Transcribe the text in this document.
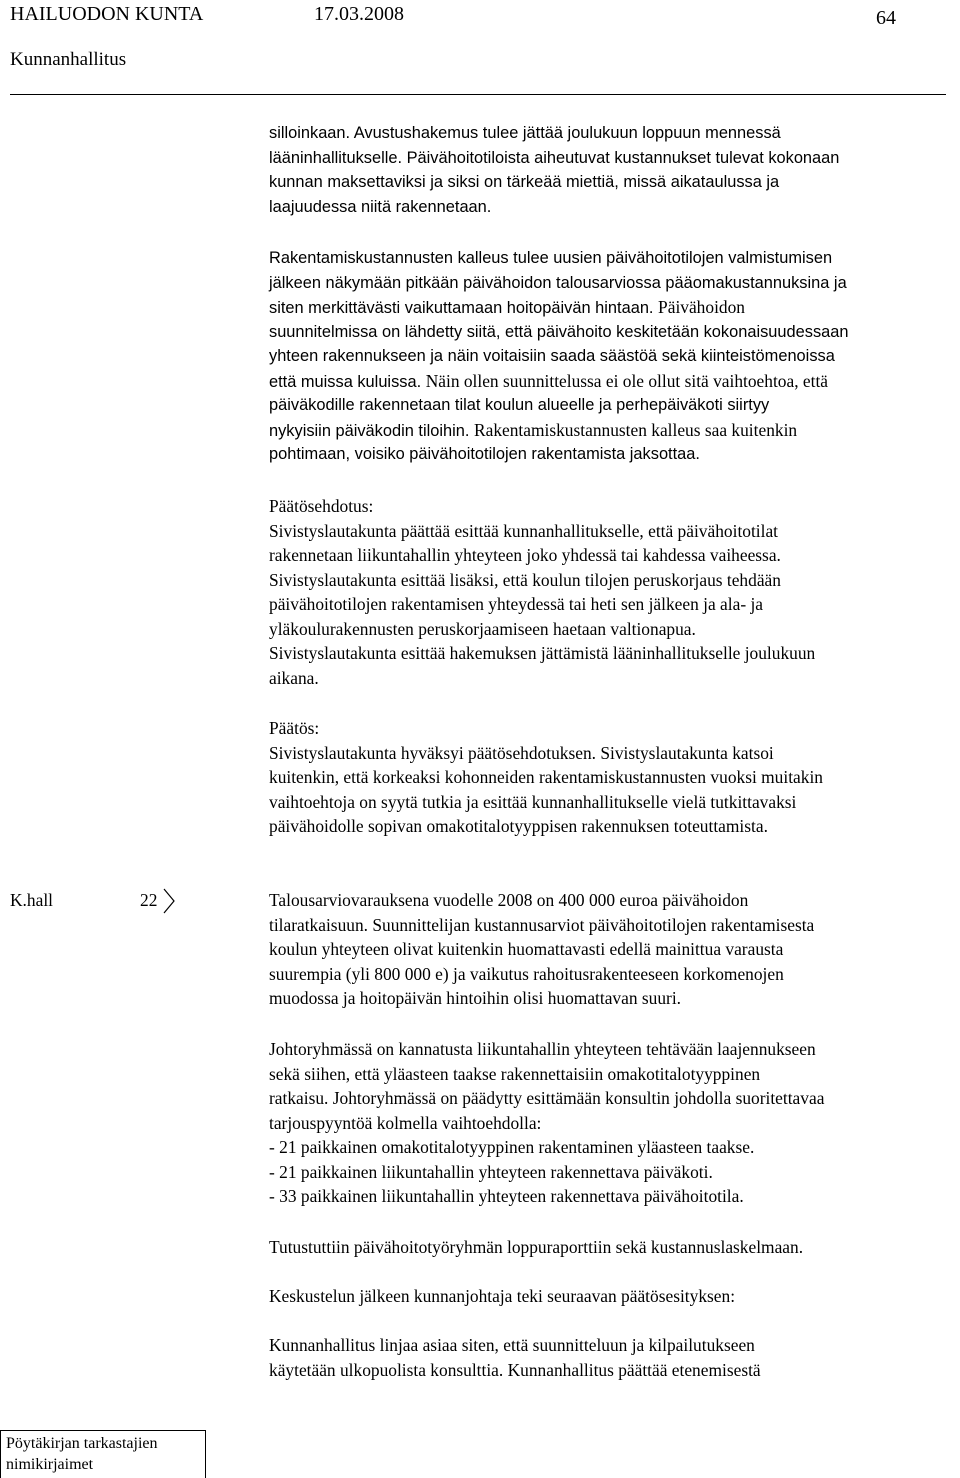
HAILUODON KUNTA	17.03.2008	64
Kunnanhallitus
silloinkaan. Avustushakemus tulee jättää joulukuun loppuun mennessä
lääninhallitukselle. Päivähoitotiloista aiheutuvat kustannukset tulevat kokonaan
kunnan maksettaviksi ja siksi on tärkeää miettiä, missä aikataulussa ja
laajuudessa niitä rakennetaan.
Rakentamiskustannusten kalleus tulee uusien päivähoitotilojen valmistumisen
jälkeen näkymään pitkään päivähoidon talousarviossa pääomakustannuksina ja
siten merkittävästi vaikuttamaan hoitopäivän hintaan. Päivähoidon
suunnitelmissa on lähdetty siitä, että päivähoito keskitetään kokonaisuudessaan
yhteen rakennukseen ja näin voitaisiin saada säästöä sekä kiinteistömenoissa
että muissa kuluissa. Näin ollen suunnittelussa ei ole ollut sitä vaihtoehtoa, että
päiväkodille rakennetaan tilat koulun alueelle ja perhepäiväkoti siirtyy
nykyisiin päiväkodin tiloihin. Rakentamiskustannusten kalleus saa kuitenkin
pohtimaan, voisiko päivähoitotilojen rakentamista jaksottaa.
Päätösehdotus:
Sivistyslautakunta päättää esittää kunnanhallitukselle, että päivähoitotilat
rakennetaan liikuntahallin yhteyteen joko yhdessä tai kahdessa vaiheessa.
Sivistyslautakunta esittää lisäksi, että koulun tilojen peruskorjaus tehdään
päivähoitotilojen rakentamisen yhteydessä tai heti sen jälkeen ja ala- ja
yläkoulurakennusten peruskorjaamiseen haetaan valtionapua.
Sivistyslautakunta esittää hakemuksen jättämistä lääninhallitukselle joulukuun
aikana.
Päätös:
Sivistyslautakunta hyväksyi päätösehdotuksen. Sivistyslautakunta katsoi
kuitenkin, että korkeaksi kohonneiden rakentamiskustannusten vuoksi muitakin
vaihtoehtoja on syytä tutkia ja esittää kunnanhallitukselle vielä tutkittavaksi
päivähoidolle sopivan omakotitalotyyppisen rakennuksen toteuttamista.
K.hall	22	Talousarviovarauksena vuodelle 2008 on 400 000 euroa päivähoidon
tilaratkaisuun. Suunnittelijan kustannusarviot päivähoitotilojen rakentamisesta
koulun yhteyteen olivat kuitenkin huomattavasti edellä mainittua varausta
suurempia (yli 800 000 e) ja vaikutus rahoitusrakenteeseen korkomenojen
muodossa ja hoitopäivän hintoihin olisi huomattavan suuri.
Johtoryhmässä on kannatusta liikuntahallin yhteyteen tehtävään laajennukseen
sekä siihen, että yläasteen taakse rakennettaisiin omakotitalotyyppinen
ratkaisu. Johtoryhmässä on päädytty esittämään konsultin johdolla suoritettavaa
tarjouspyyntöä kolmella vaihtoehdolla:
- 21 paikkainen omakotitalotyyppinen rakentaminen yläasteen taakse.
- 21 paikkainen liikuntahallin yhteyteen rakennettava päiväkoti.
- 33 paikkainen liikuntahallin yhteyteen rakennettava päivähoitotila.
Tutustuttiin päivähoitotyöryhmän loppuraporttiin sekä kustannuslaskelmaan.
Keskustelun jälkeen kunnanjohtaja teki seuraavan päätösesityksen:
Kunnanhallitus linjaa asiaa siten, että suunnitteluun ja kilpailutukseen
käytetään ulkopuolista konsulttia. Kunnanhallitus päättää etenemisestä
Pöytäkirjan tarkastajien
nimikirjaimet
